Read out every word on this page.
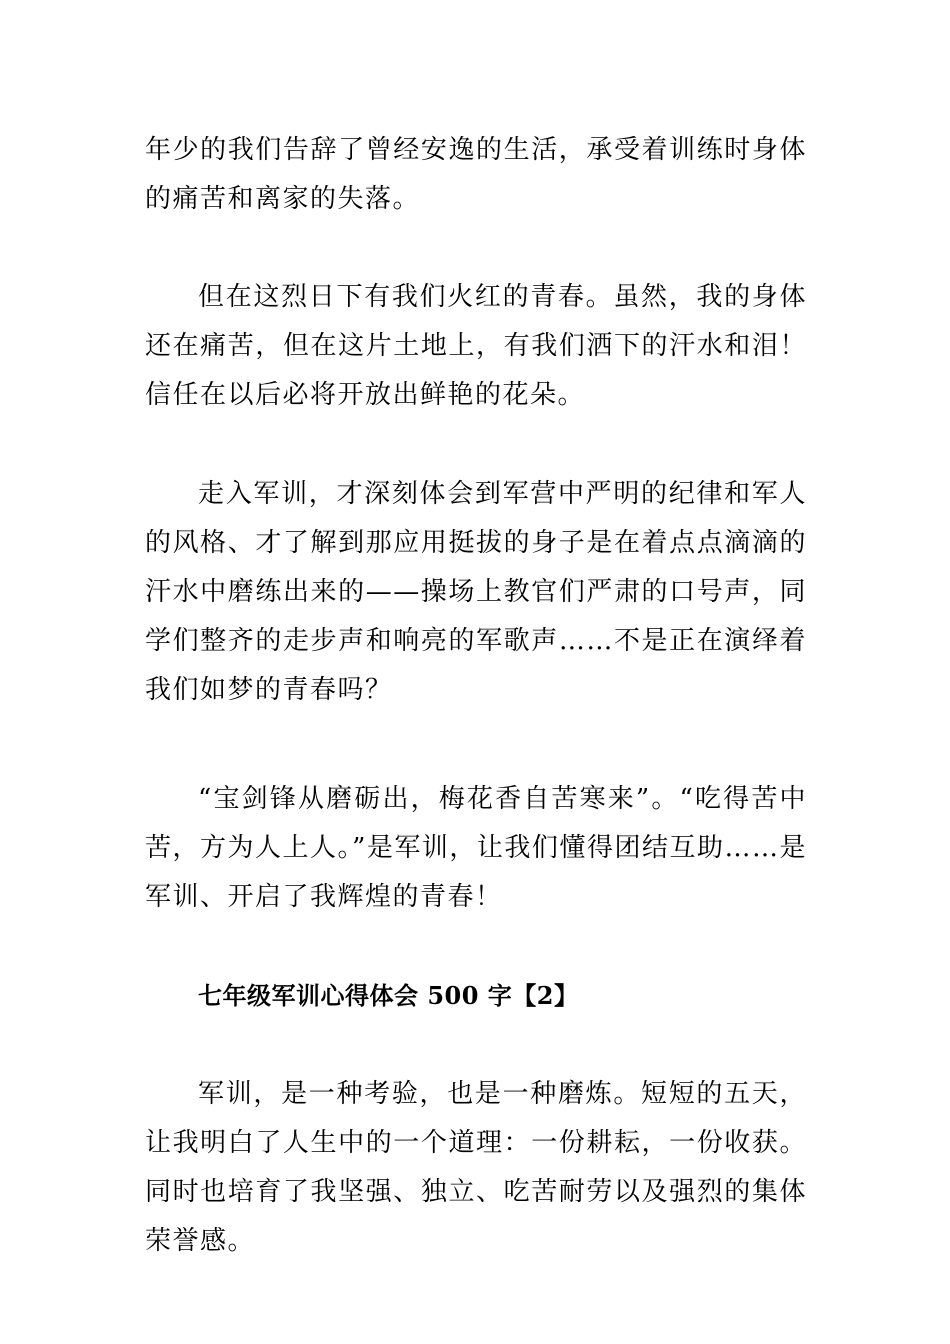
年少的我们告辞了曾经安逸的生活，承受着训练时身体的痛苦和离家的失落。

但在这烈日下有我们火红的青春。虽然，我的身体还在痛苦，但在这片土地上，有我们洒下的汗水和泪！信任在以后必将开放出鲜艳的花朵。

走入军训，才深刻体会到军营中严明的纪律和军人的风格、才了解到那应用挺拔的身子是在着点点滴滴的汗水中磨练出来的——操场上教官们严肃的口号声，同学们整齐的走步声和响亮的军歌声……不是正在演绎着我们如梦的青春吗？

“宝剑锋从磨砺出，梅花香自苦寒来”。“吃得苦中苦，方为人上人。”是军训，让我们懂得团结互助……是军训、开启了我辉煌的青春！

七年级军训心得体会 500 字【2】

军训，是一种考验，也是一种磨炼。短短的五天，让我明白了人生中的一个道理：一份耕耘，一份收获。同时也培育了我坚强、独立、吃苦耐劳以及强烈的集体荣誉感。
